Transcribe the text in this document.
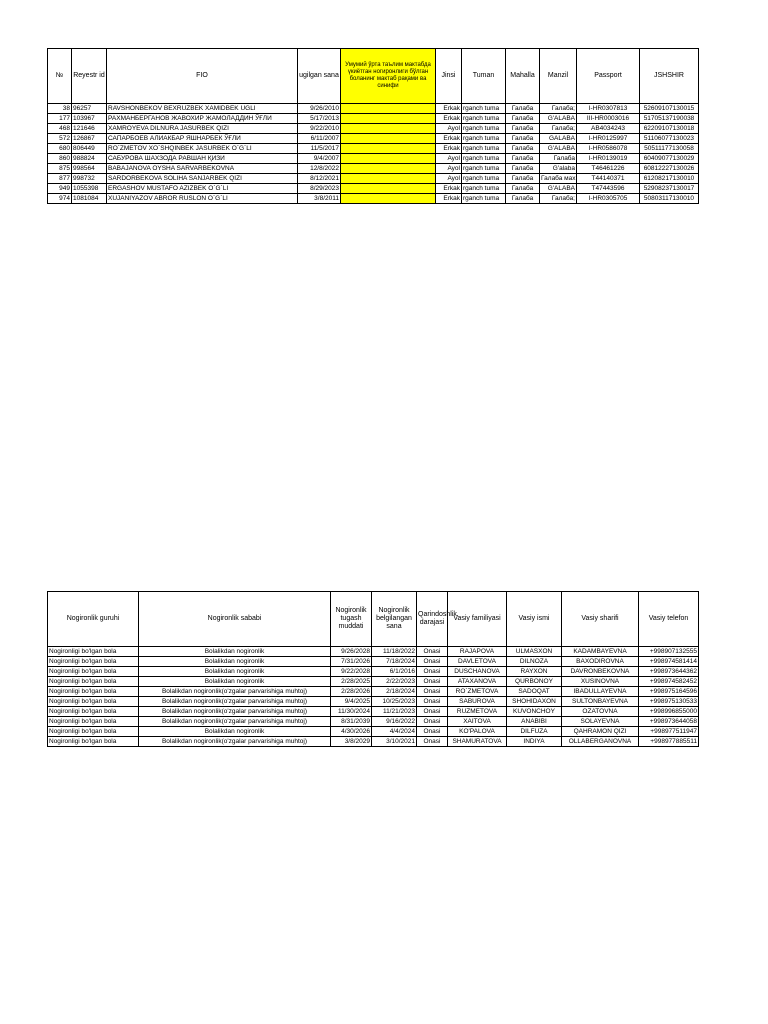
№	Reyestr id	FIO	ugilgan sana	Умумий ўрта таълим мактабда үкиётган ногиронлиги бўлган боланинг мактаб рақами ва синифи	Jinsi	Tuman	Mahalla	Manzil	Passport	JSHSHIR
38	96257	RAVSHONBEKOV BEXRUZBEK XAMIDBEK UGLI	9/26/2010		Erkak	rganch tuma	Галаба	Галаба;	I-HR0307813	52609107130015
177	103967	РАХМАНБЕРГАНОВ ЖАВОХИР ЖАМОЛАДДИН ЎҒЛИ	5/17/2013		Erkak	rganch tuma	Галаба	G'ALABA	III-HR0003016	51705137190038
468	121646	XAMROYEVA DILNURA JASURBEK QIZI	9/22/2010		Ayol	rganch tuma	Галаба	Галаба;	AB4034243	62209107130018
572	126867	САПАРБОЕВ АЛИАКБАР ЯШНАРБЕК ЎҒЛИ	6/11/2007		Erkak	rganch tuma	Галаба	GALABA	I-HR0125997	51106077130023
680	806449	RO`ZMETOV XO`SHQINBEK JASURBEK O`G`LI	11/5/2017		Erkak	rganch tuma	Галаба	G'ALABA	I-HR0586078	50511177130058
860	988824	САБУРОВА ШАХЗОДА РАВШАН ҚИЗИ	9/4/2007		Ayol	rganch tuma	Галаба	Галаба	I-HR0139019	60409077130029
875	998564	BABAJANOVA OYSHA SARVARBEKOVNA	12/8/2022		Ayol	rganch tuma	Галаба	G'alaba	T46461226	60812227130026
877	998732	SARDORBEKOVA SOLIHA SANJARBEK QIZI	8/12/2021		Ayol	rganch tuma	Галаба	Галаба мах	T44140371	61208217130010
949	1055398	ERGASHOV MUSTAFO AZIZBEK O`G`LI	8/29/2023		Erkak	rganch tuma	Галаба	G'ALABA	T47443596	52908237130017
974	1081084	XUJANIYAZOV ABROR RUSLON O`G`LI	3/8/2011		Erkak	rganch tuma	Галаба	Галаба;	I-HR0305705	50803117130010
Nogironlik guruhi	Nogironlik sababi	Nogironlik tugash muddati	Nogironlik belgilangan sana	Qarindoshlik darajasi	Vasiy familiyasi	Vasiy ismi	Vasiy sharifi	Vasiy telefon
Nogironligi bo'lgan bola	Bolalikdan nogironlik	9/26/2028	11/18/2022	Onasi	RAJAPOVA	ULMASXON	KADAMBAYEVNA	+998907132555
Nogironligi bo'lgan bola	Bolalikdan nogironlik	7/31/2026	7/18/2024	Onasi	DAVLETOVA	DILNOZA	BAXODIROVNA	+998974581414
Nogironligi bo'lgan bola	Bolalikdan nogironlik	9/22/2028	6/1/2016	Onasi	DUSCHANOVA	RAYXON	DAVRONBEKOVNA	+998973644362
Nogironligi bo'lgan bola	Bolalikdan nogironlik	2/28/2025	2/22/2023	Onasi	ATAXANOVA	QURBONOY	XUSINOVNA	+998974582452
Nogironligi bo'lgan bola	Bolalikdan nogironlik(o'zgalar parvarishiga muhtoj)	2/28/2026	2/18/2024	Onasi	RO`ZMETOVA	SADOQAT	IBADULLAYEVNA	+998975164596
Nogironligi bo'lgan bola	Bolalikdan nogironlik(o'zgalar parvarishiga muhtoj)	9/4/2025	10/25/2023	Onasi	SABUROVA	SHOHIDAXON	SULTONBAYEVNA	+998975130533
Nogironligi bo'lgan bola	Bolalikdan nogironlik(o'zgalar parvarishiga muhtoj)	11/30/2024	11/21/2023	Onasi	RUZMETOVA	KUVONCHOY	OZATOVNA	+998996855000
Nogironligi bo'lgan bola	Bolalikdan nogironlik(o'zgalar parvarishiga muhtoj)	8/31/2039	9/16/2022	Onasi	XAITOVA	ANABIBI	SOLAYEVNA	+998973644058
Nogironligi bo'lgan bola	Bolalikdan nogironlik	4/30/2026	4/4/2024	Onasi	KO'PALOVA	DILFUZA	QAHRAMON QIZI	+998977511947
Nogironligi bo'lgan bola	Bolalikdan nogironlik(o'zgalar parvarishiga muhtoj)	3/8/2029	3/10/2021	Onasi	SHAMURATOVA	INDIYA	OLLABERGANOVNA	+998977885511
